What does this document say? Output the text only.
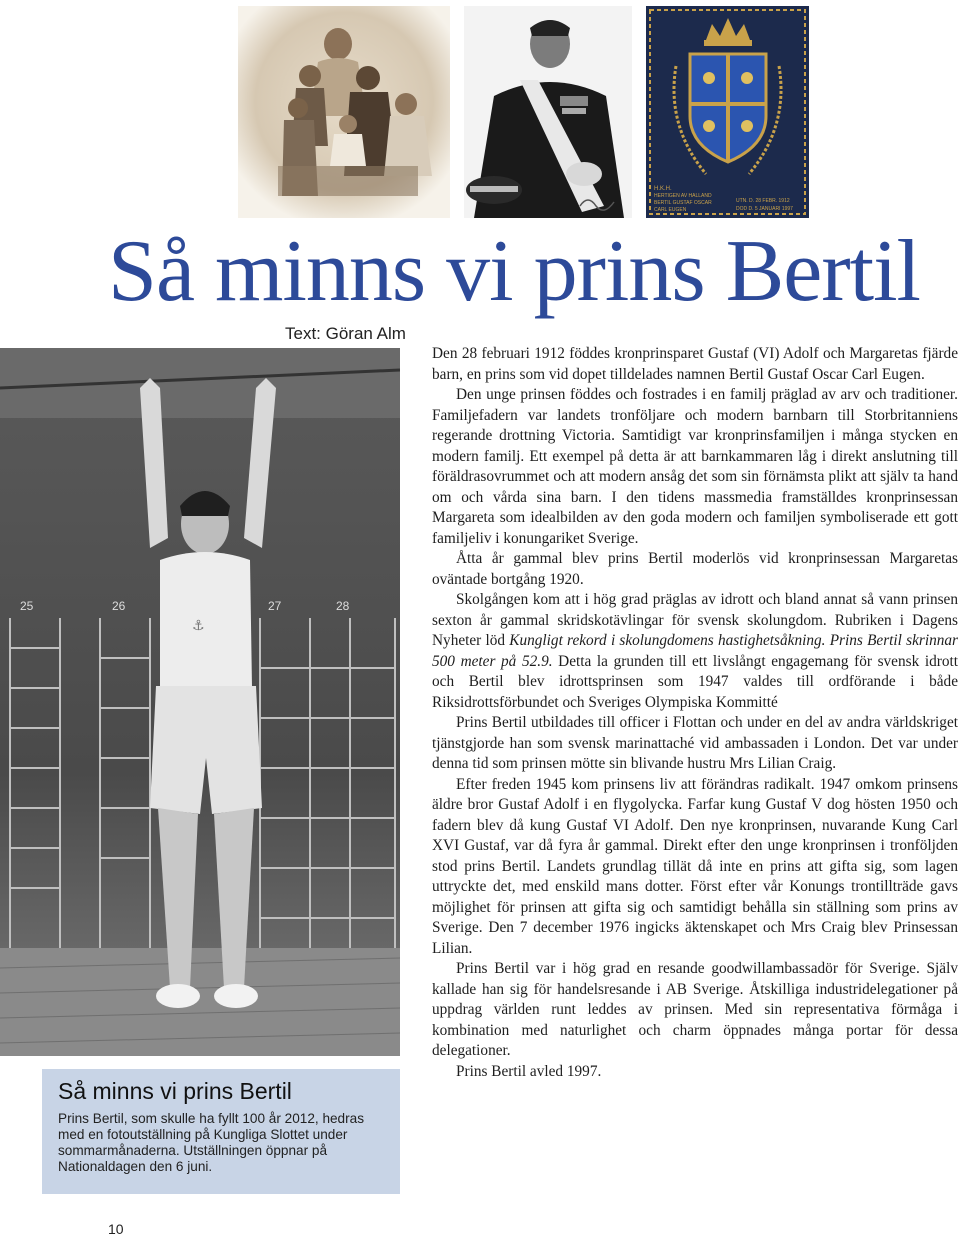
H.K.H.
HERTIGEN AV HALLAND
BERTIL GUSTAF OSCAR
CARL EUGEN
UTN. D. 28 FEBR. 1912
DOD D. 5 JANUARI 1997
Så minns vi prins Bertil
Text: Göran Alm
25	26	27	28
⚓
Så minns vi prins Bertil

Prins Bertil, som skulle ha fyllt 100 år 2012, hedras med en fotoutställning på Kungliga Slottet under sommarmånaderna. Utställningen öppnar på Nationaldagen den 6 juni.

Den 28 februari 1912 föddes kronprinsparet Gustaf (VI) Adolf och Margaretas fjärde barn, en prins som vid dopet tilldelades namnen Bertil Gustaf Oscar Carl Eugen.

Den unge prinsen föddes och fostrades i en familj präglad av arv och traditioner. Familjefadern var landets tronföljare och modern barnbarn till Storbritanniens regerande drottning Victoria. Samtidigt var kronprinsfamiljen i många stycken en modern familj. Ett exempel på detta är att barnkammaren låg i direkt anslutning till föräldrasovrummet och att modern ansåg det som sin förnämsta plikt att själv ta hand om och vårda sina barn. I den tidens massmedia framställdes kronprinsessan Margareta som idealbilden av den goda modern och familjen symboliserade ett gott familjeliv i konungariket Sverige.

Åtta år gammal blev prins Bertil moderlös vid kronprinsessan Margaretas oväntade bortgång 1920.

Skolgången kom att i hög grad präglas av idrott och bland annat så vann prinsen sexton år gammal skridskotävlingar för svensk skolungdom. Rubriken i Dagens Nyheter löd Kungligt rekord i skolungdomens hastighetsåkning. Prins Bertil skrinnar 500 meter på 52.9. Detta la grunden till ett livslångt engagemang för svensk idrott och Bertil blev idrottsprinsen som 1947 valdes till ordförande i både Riksidrottsförbundet och Sveriges Olympiska Kommitté

Prins Bertil utbildades till officer i Flottan och under en del av andra världskriget tjänstgjorde han som svensk marinattaché vid ambassaden i London. Det var under denna tid som prinsen mötte sin blivande hustru Mrs Lilian Craig.

Efter freden 1945 kom prinsens liv att förändras radikalt. 1947 omkom prinsens äldre bror Gustaf Adolf i en flygolycka. Farfar kung Gustaf V dog hösten 1950 och fadern blev då kung Gustaf VI Adolf. Den nye kronprinsen, nuvarande Kung Carl XVI Gustaf, var då fyra år gammal. Direkt efter den unge kronprinsen i tronföljden stod prins Bertil. Landets grundlag tillät då inte en prins att gifta sig, som lagen uttryckte det, med enskild mans dotter. Först efter vår Konungs trontillträde gavs möjlighet för prinsen att gifta sig och samtidigt behålla sin ställning som prins av Sverige. Den 7 december 1976 ingicks äktenskapet och Mrs Craig blev Prinsessan Lilian.

Prins Bertil var i hög grad en resande goodwillambassadör för Sverige. Själv kallade han sig för handelsresande i AB Sverige. Åtskilliga industridelegationer på uppdrag världen runt leddes av prinsen. Med sin representativa förmåga i kombination med naturlighet och charm öppnades många portar för dessa delegationer.

Prins Bertil avled 1997.

10
